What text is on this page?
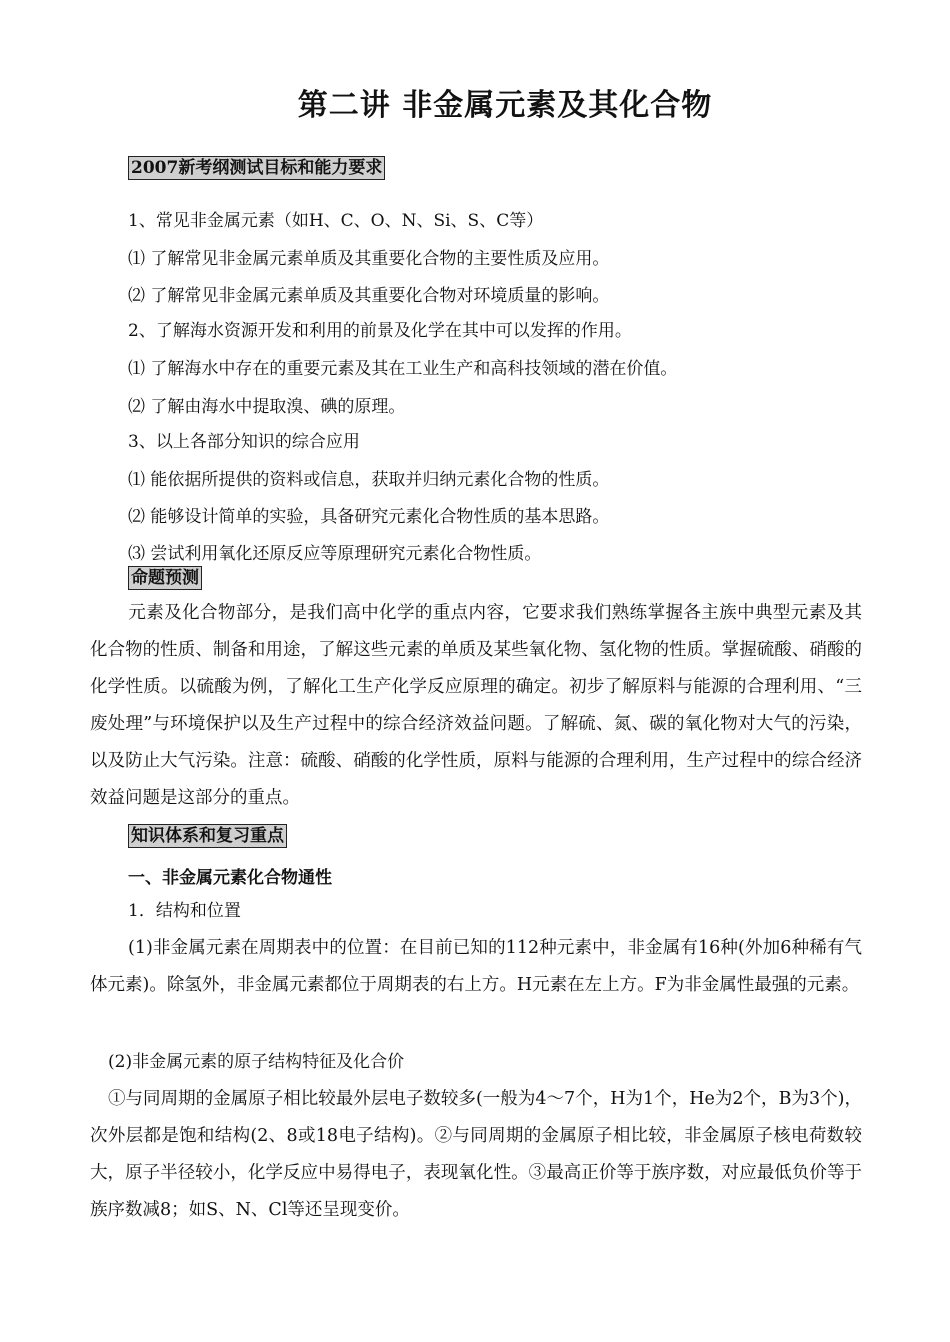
第二讲 非金属元素及其化合物
2007新考纲测试目标和能力要求
1、常见非金属元素（如H、C、O、N、Si、S、C等）
⑴ 了解常见非金属元素单质及其重要化合物的主要性质及应用。
⑵ 了解常见非金属元素单质及其重要化合物对环境质量的影响。
2、了解海水资源开发和利用的前景及化学在其中可以发挥的作用。
⑴ 了解海水中存在的重要元素及其在工业生产和高科技领域的潜在价值。
⑵ 了解由海水中提取溴、碘的原理。
3、以上各部分知识的综合应用
⑴ 能依据所提供的资料或信息，获取并归纳元素化合物的性质。
⑵ 能够设计简单的实验，具备研究元素化合物性质的基本思路。
⑶ 尝试利用氧化还原反应等原理研究元素化合物性质。
命题预测
元素及化合物部分，是我们高中化学的重点内容，它要求我们熟练掌握各主族中典型元素及其化合物的性质、制备和用途，了解这些元素的单质及某些氧化物、氢化物的性质。掌握硫酸、硝酸的化学性质。以硫酸为例，了解化工生产化学反应原理的确定。初步了解原料与能源的合理利用、“三废处理”与环境保护以及生产过程中的综合经济效益问题。了解硫、氮、碳的氧化物对大气的污染，以及防止大气污染。注意：硫酸、硝酸的化学性质，原料与能源的合理利用，生产过程中的综合经济效益问题是这部分的重点。
知识体系和复习重点
一、非金属元素化合物通性
1．结构和位置
(1)非金属元素在周期表中的位置：在目前已知的112种元素中，非金属有16种(外加6种稀有气体元素)。除氢外，非金属元素都位于周期表的右上方。H元素在左上方。F为非金属性最强的元素。
(2)非金属元素的原子结构特征及化合价
①与同周期的金属原子相比较最外层电子数较多(一般为4～7个，H为1个，He为2个，B为3个)，次外层都是饱和结构(2、8或18电子结构)。②与同周期的金属原子相比较，非金属原子核电荷数较大，原子半径较小，化学反应中易得电子，表现氧化性。③最高正价等于族序数，对应最低负价等于族序数减8；如S、N、Cl等还呈现变价。
